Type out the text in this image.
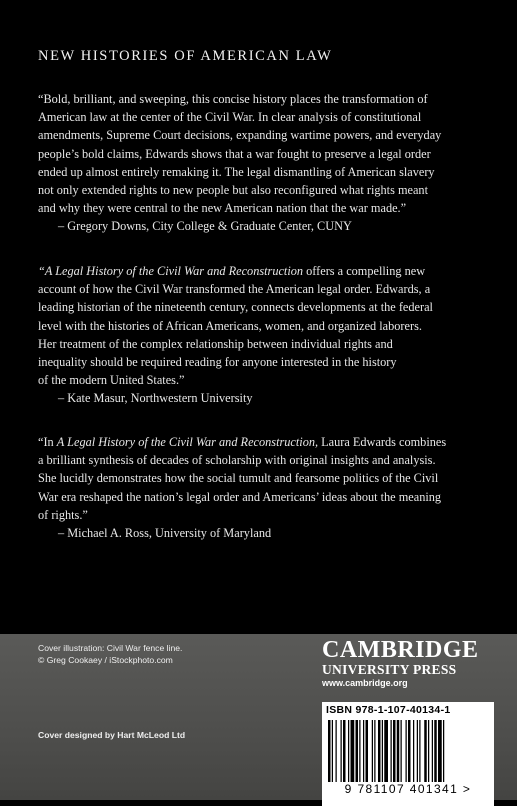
NEW HISTORIES OF AMERICAN LAW

“Bold, brilliant, and sweeping, this concise history places the transformation of

American law at the center of the Civil War. In clear analysis of constitutional

amendments, Supreme Court decisions, expanding wartime powers, and everyday

people’s bold claims, Edwards shows that a war fought to preserve a legal order

ended up almost entirely remaking it. The legal dismantling of American slavery

not only extended rights to new people but also reconfigured what rights meant

and why they were central to the new American nation that the war made.”

– Gregory Downs, City College & Graduate Center, CUNY

“A Legal History of the Civil War and Reconstruction offers a compelling new

account of how the Civil War transformed the American legal order. Edwards, a

leading historian of the nineteenth century, connects developments at the federal

level with the histories of African Americans, women, and organized laborers.

Her treatment of the complex relationship between individual rights and

inequality should be required reading for anyone interested in the history

of the modern United States.”

– Kate Masur, Northwestern University

“In A Legal History of the Civil War and Reconstruction, Laura Edwards combines

a brilliant synthesis of decades of scholarship with original insights and analysis.

She lucidly demonstrates how the social tumult and fearsome politics of the Civil

War era reshaped the nation’s legal order and Americans’ ideas about the meaning

of rights.”

– Michael A. Ross, University of Maryland

Cover illustration: Civil War fence line.
© Greg Cookaey / iStockphoto.com
Cover designed by Hart McLeod Ltd
CAMBRIDGE
UNIVERSITY PRESS
www.cambridge.org
ISBN 978-1-107-40134-1
9 781107 401341 >
